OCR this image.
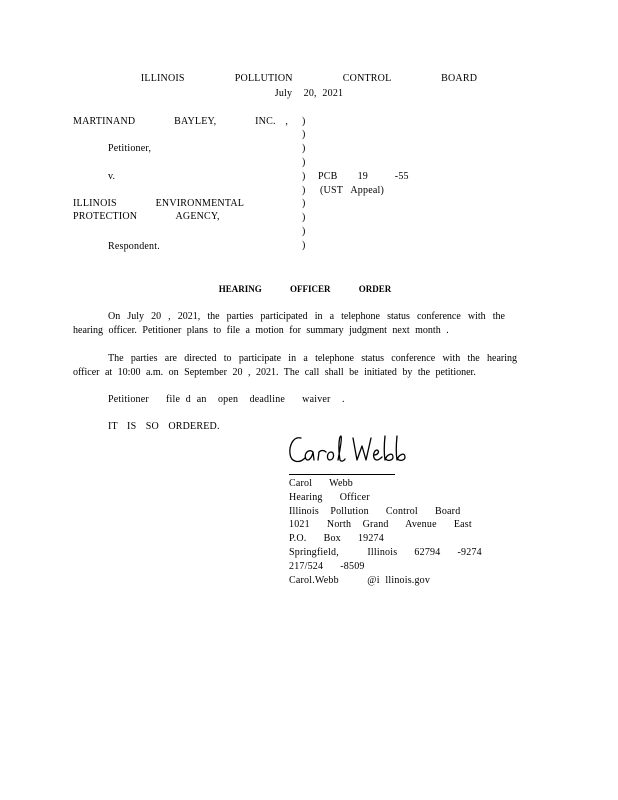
ILLINOIS   POLLUTION   CONTROL   BOARD
July  20, 2021
MARTINAND    BAYLEY,    INC. ,
Petitioner,
v.
ILLINOIS    ENVIRONMENTAL
PROTECTION    AGENCY,
Respondent.
)
)
)
)
)
)
)
)
)
)
PCB   19    -55
(UST   Appeal)
HEARING OFFICER ORDER
On July 20 , 2021, the parties participated in a telephone status conference with the hearing officer. Petitioner plans to file a motion for summary judgment next month .
The parties are directed to participate in a telephone status conference with the hearing officer at 10:00 a.m. on September 20 , 2021. The call shall be initiated by the petitioner.
Petitioner   file d an  open  deadline   waiver  .
IT  IS  SO  ORDERED.
Carol   Webb
Hearing   Officer
Illinois  Pollution   Control   Board
1021   North  Grand   Avenue   East
P.O.   Box   19274
Springfield,     Illinois   62794   -9274
217/524   -8509
Carol.Webb     @i llinois.gov
